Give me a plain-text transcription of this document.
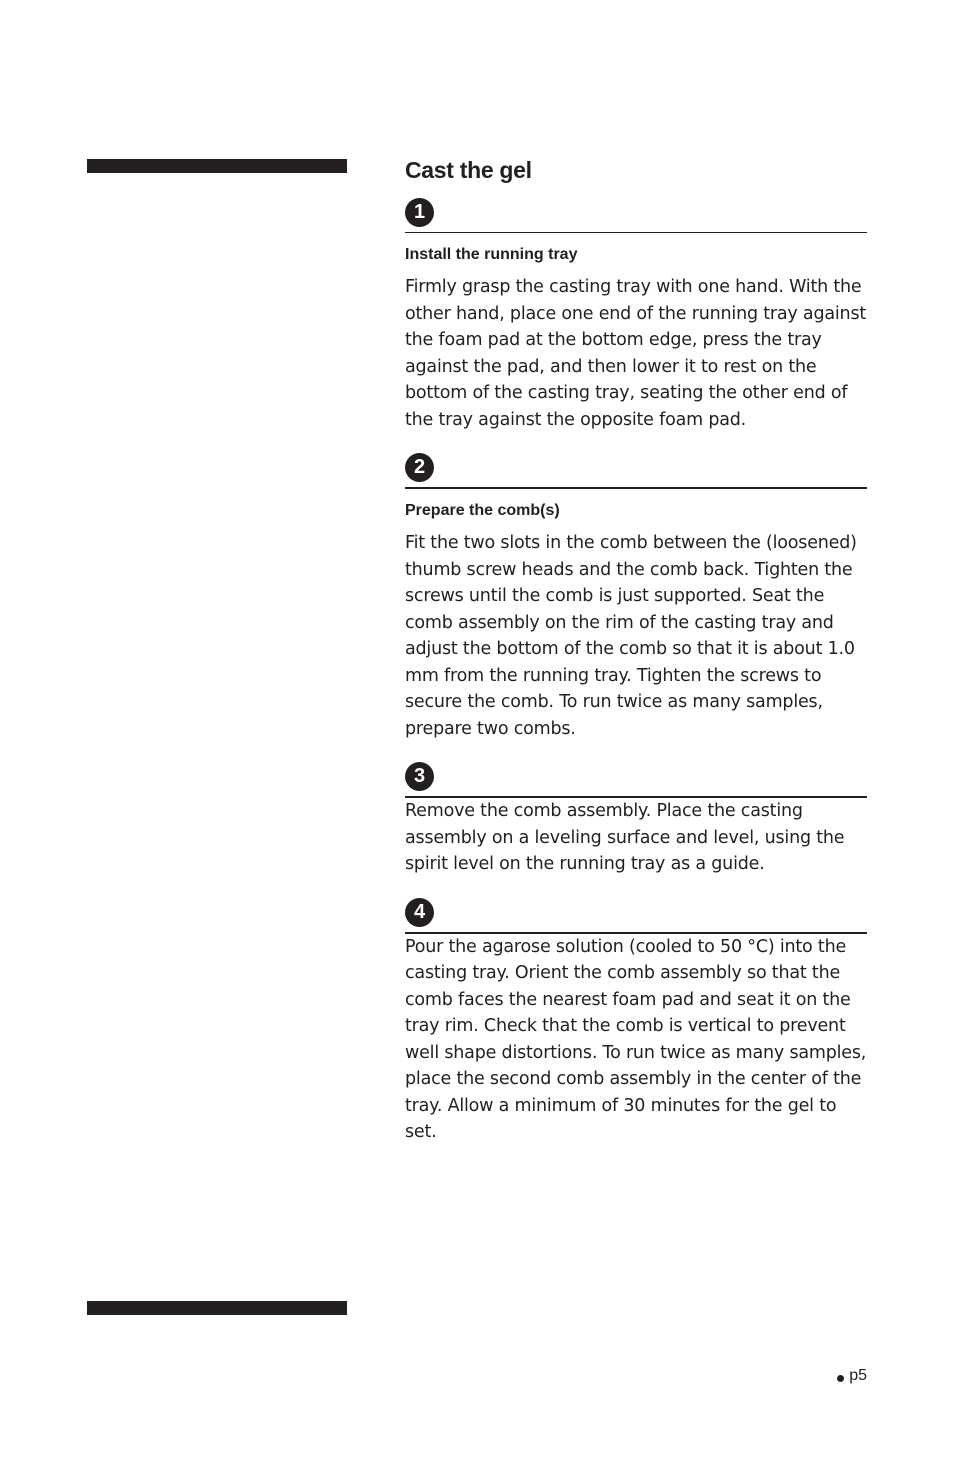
Cast the gel
1
Install the running tray

Firmly grasp the casting tray with one hand. With the other hand, place one end of the running tray against the foam pad at the bottom edge, press the tray against the pad, and then lower it to rest on the bottom of the casting tray, seating the other end of the tray against the opposite foam pad.

2
Prepare the comb(s)

Fit the two slots in the comb between the (loosened) thumb screw heads and the comb back. Tighten the screws until the comb is just supported. Seat the comb assembly on the rim of the casting tray and adjust the bottom of the comb so that it is about 1.0 mm from the running tray. Tighten the screws to secure the comb. To run twice as many samples, prepare two combs.

3

Remove the comb assembly. Place the casting assembly on a leveling surface and level, using the spirit level on the running tray as a guide.

4

Pour the agarose solution (cooled to 50 °C) into the casting tray. Orient the comb assembly so that the comb faces the nearest foam pad and seat it on the tray rim. Check that the comb is vertical to prevent well shape distortions. To run twice as many samples, place the second comb assembly in the center of the tray. Allow a minimum of 30 minutes for the gel to set.

p5
